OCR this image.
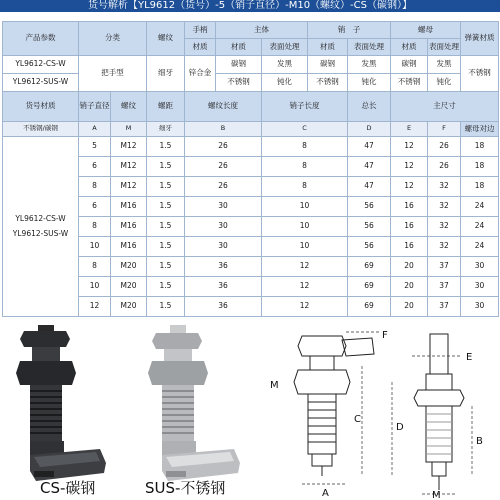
货号解析【YL9612（货号）-5（销子直径）-M10（螺纹）-CS（碳钢）】
产品参数	分类		螺纹	手柄	主体		销　子		螺母		弹簧材质
				材质	材质	表面处理	材质	表面处理	材质	表面处理	
YL9612-CS-W	把手型		细牙	锌合金	碳钢	发黑	碳钢	发黑	碳钢	发黑	不锈钢
YL9612-SUS-W					不锈钢	钝化	不锈钢	钝化	不锈钢	钝化	
货号材质	销子直径	螺纹	螺距	螺纹长度		销子长度		总长	主尺寸		
不锈钢/碳钢	A	M	细牙	B		C		D	E	F	螺母对边

YL9612-CS-W
YL9612-SUS-W	5	M12	1.5	26		8		47	12	26	18
	6	M12	1.5	26		8		47	12	26	18
	8	M12	1.5	26		8		47	12	32	18
	6	M16	1.5	30		10		56	16	32	24
	8	M16	1.5	30		10		56	16	32	24
	10	M16	1.5	30		10		56	16	32	24
	8	M20	1.5	36		12		69	20	37	30
	10	M20	1.5	36		12		69	20	37	30
	12	M20	1.5	36		12		69	20	37	30
CS-碳钢	SUS-不锈钢
F
E
M
C
D
B
A	M
